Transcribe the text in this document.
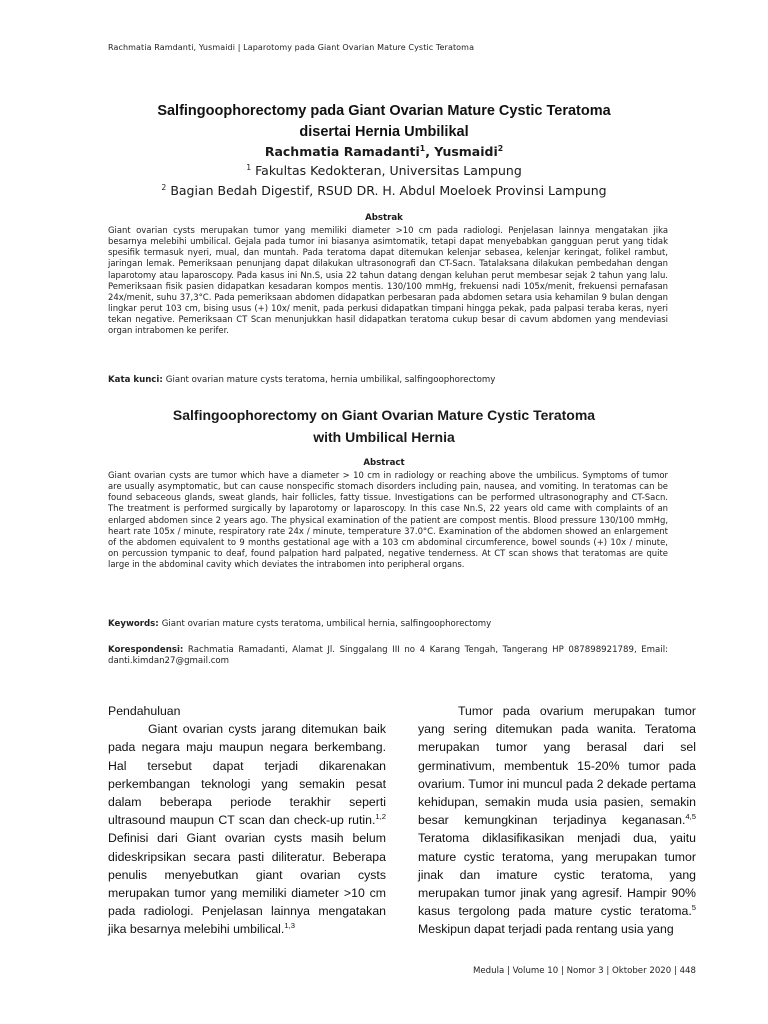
Rachmatia Ramdanti, Yusmaidi | Laparotomy pada Giant Ovarian Mature Cystic Teratoma
Salfingoophorectomy pada Giant Ovarian Mature Cystic Teratoma
disertai Hernia Umbilikal
Rachmatia Ramadanti$^1$, Yusmaidi$^2$
$^1$ Fakultas Kedokteran, Universitas Lampung
$^2$ Bagian Bedah Digestif, RSUD DR. H. Abdul Moeloek Provinsi Lampung
Abstrak
Giant ovarian cysts merupakan tumor yang memiliki diameter >10 cm pada radiologi. Penjelasan lainnya mengatakan jika besarnya melebihi umbilical. Gejala pada tumor ini biasanya asimtomatik, tetapi dapat menyebabkan gangguan perut yang tidak spesifik termasuk nyeri, mual, dan muntah. Pada teratoma dapat ditemukan kelenjar sebasea, kelenjar keringat, folikel rambut, jaringan lemak. Pemeriksaan penunjang dapat dilakukan ultrasonografi dan CT-Sacn. Tatalaksana dilakukan pembedahan dengan laparotomy atau laparoscopy. Pada kasus ini Nn.S, usia 22 tahun datang dengan keluhan perut membesar sejak 2 tahun yang lalu. Pemeriksaan fisik pasien didapatkan kesadaran kompos mentis. 130/100 mmHg, frekuensi nadi 105x/menit, frekuensi pernafasan 24x/menit, suhu 37,3°C. Pada pemeriksaan abdomen didapatkan perbesaran pada abdomen setara usia kehamilan 9 bulan dengan lingkar perut 103 cm, bising usus (+) 10x/ menit, pada perkusi didapatkan timpani hingga pekak, pada palpasi teraba keras, nyeri tekan negative. Pemeriksaan CT Scan menunjukkan hasil didapatkan teratoma cukup besar di cavum abdomen yang mendeviasi organ intrabomen ke perifer.
Kata kunci: Giant ovarian mature cysts teratoma, hernia umbilikal, salfingoophorectomy
Salfingoophorectomy on Giant Ovarian Mature Cystic Teratoma
with Umbilical Hernia
Abstract
Giant ovarian cysts are tumor which have a diameter > 10 cm in radiology or reaching above the umbilicus. Symptoms of tumor are usually asymptomatic, but can cause nonspecific stomach disorders including pain, nausea, and vomiting. In teratomas can be found sebaceous glands, sweat glands, hair follicles, fatty tissue. Investigations can be performed ultrasonography and CT-Sacn. The treatment is performed surgically by laparotomy or laparoscopy. In this case Nn.S, 22 years old came with complaints of an enlarged abdomen since 2 years ago. The physical examination of the patient are compost mentis. Blood pressure 130/100 mmHg, heart rate 105x / minute, respiratory rate 24x / minute, temperature 37.0°C. Examination of the abdomen showed an enlargement of the abdomen equivalent to 9 months gestational age with a 103 cm abdominal circumference, bowel sounds (+) 10x / minute, on percussion tympanic to deaf, found palpation hard palpated, negative tenderness. At CT scan shows that teratomas are quite large in the abdominal cavity which deviates the intrabomen into peripheral organs.
Keywords: Giant ovarian mature cysts teratoma, umbilical hernia, salfingoophorectomy
Korespondensi: Rachmatia Ramadanti, Alamat Jl. Singgalang III no 4 Karang Tengah, Tangerang HP 087898921789, Email: danti.kimdan27@gmail.com
Pendahuluan

Giant ovarian cysts jarang ditemukan baik pada negara maju maupun negara berkembang. Hal tersebut dapat terjadi dikarenakan perkembangan teknologi yang semakin pesat dalam beberapa periode terakhir seperti ultrasound maupun CT scan dan check-up rutin.$^{1,2}$ Definisi dari Giant ovarian cysts masih belum dideskripsikan secara pasti diliteratur. Beberapa penulis menyebutkan giant ovarian cysts merupakan tumor yang memiliki diameter >10 cm pada radiologi. Penjelasan lainnya mengatakan jika besarnya melebihi umbilical.$^{1,3}$

Tumor pada ovarium merupakan tumor yang sering ditemukan pada wanita. Teratoma merupakan tumor yang berasal dari sel germinativum, membentuk 15-20% tumor pada ovarium. Tumor ini muncul pada 2 dekade pertama kehidupan, semakin muda usia pasien, semakin besar kemungkinan terjadinya keganasan.$^{4,5}$ Teratoma diklasifikasikan menjadi dua, yaitu mature cystic teratoma, yang merupakan tumor jinak dan imature cystic teratoma, yang merupakan tumor jinak yang agresif. Hampir 90% kasus tergolong pada mature cystic teratoma.$^5$ Meskipun dapat terjadi pada rentang usia yang

Medula | Volume 10 | Nomor 3 | Oktober 2020 | 448
